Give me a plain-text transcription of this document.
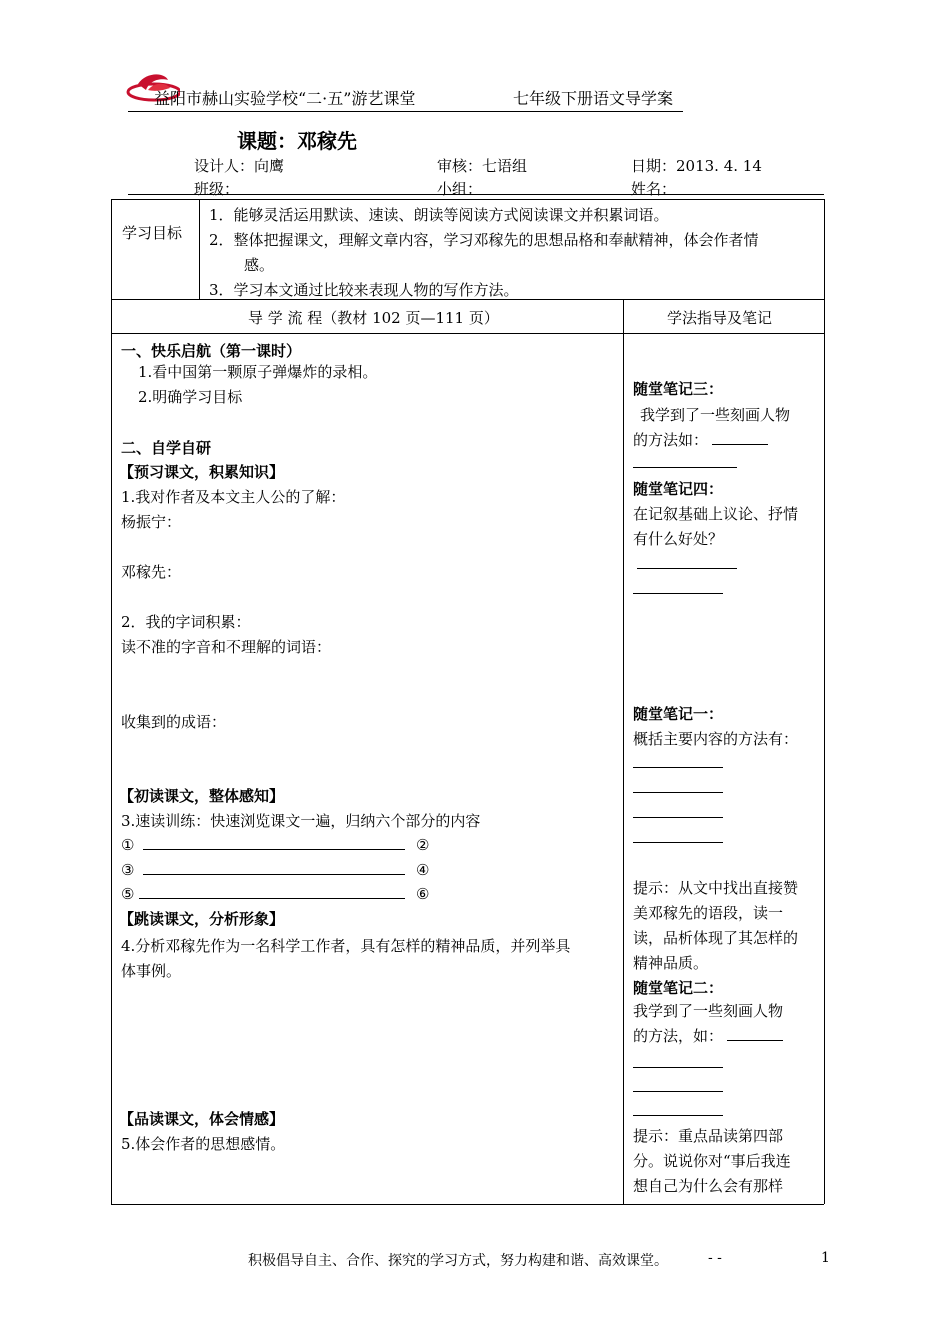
益阳市赫山实验学校“二·五”游艺课堂	七年级下册语文导学案
课题：邓稼先
设计人：向鹰	审核：七语组	日期：2013. 4. 14
班级：	小组：	姓名：
学习目标
1．能够灵活运用默读、速读、朗读等阅读方式阅读课文并积累词语。
2．整体把握课文，理解文章内容，学习邓稼先的思想品格和奉献精神，体会作者情
感。
3．学习本文通过比较来表现人物的写作方法。
导 学 流 程（教材 102 页—111 页）	学法指导及笔记
一、快乐启航（第一课时）
1.看中国第一颗原子弹爆炸的录相。
2.明确学习目标
二、自学自研
【预习课文，积累知识】
1.我对作者及本文主人公的了解：
杨振宁：
邓稼先：
2．我的字词积累：
读不准的字音和不理解的词语：
收集到的成语：
【初读课文，整体感知】
3.速读训练：快速浏览课文一遍，归纳六个部分的内容
①	②
③	④
⑤	⑥
【跳读课文，分析形象】
4.分析邓稼先作为一名科学工作者，具有怎样的精神品质，并列举具
体事例。
【品读课文，体会情感】
5.体会作者的思想感情。
随堂笔记三：
我学到了一些刻画人物
的方法如：
随堂笔记四：
在记叙基础上议论、抒情
有什么好处？
随堂笔记一：
概括主要内容的方法有：
提示：从文中找出直接赞
美邓稼先的语段，读一
读，品析体现了其怎样的
精神品质。
随堂笔记二：
我学到了一些刻画人物
的方法，如：
提示：重点品读第四部
分。说说你对“事后我连
想自己为什么会有那样
积极倡导自主、合作、探究的学习方式，努力构建和谐、高效课堂。	- -	1
